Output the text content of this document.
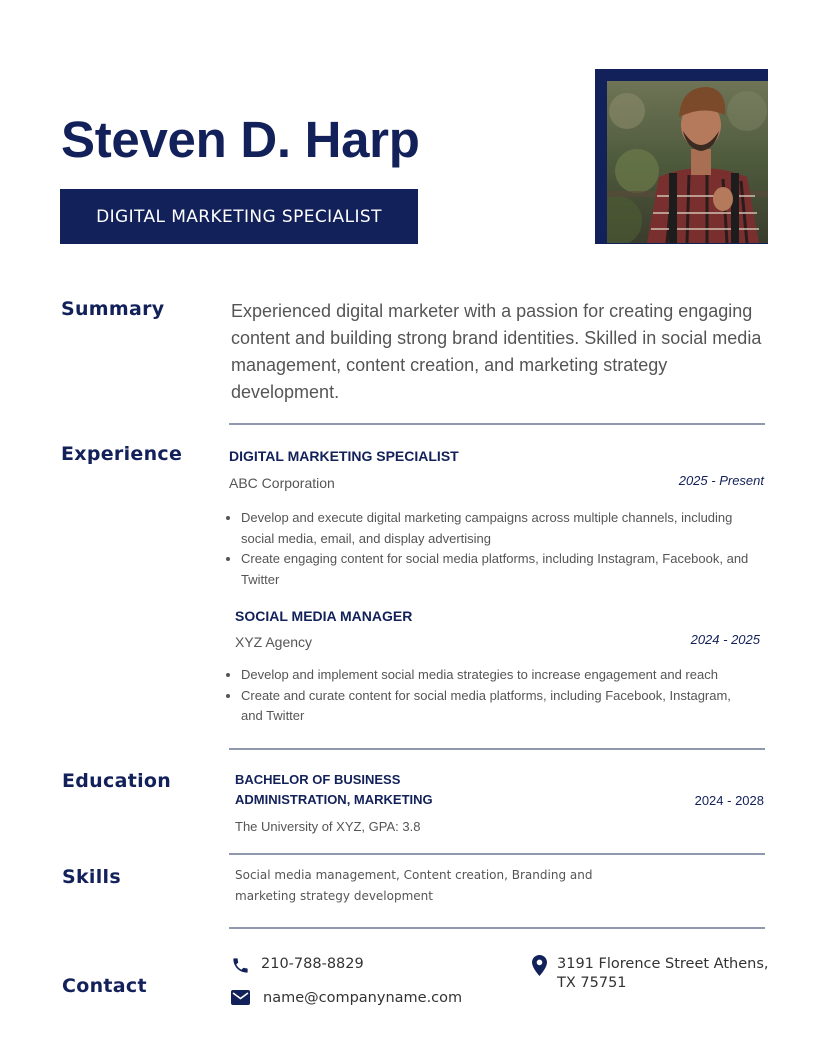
Steven D. Harp
DIGITAL MARKETING SPECIALIST
Summary	Experienced digital marketer with a passion for creating engaging content and building strong brand identities. Skilled in social media management, content creation, and marketing strategy development.

Experience	DIGITAL MARKETING SPECIALIST
ABC Corporation	2025 - Present
• Develop and execute digital marketing campaigns across multiple channels, including social media, email, and display advertising
• Create engaging content for social media platforms, including Instagram, Facebook, and Twitter
SOCIAL MEDIA MANAGER
XYZ Agency	2024 - 2025
• Develop and implement social media strategies to increase engagement and reach
• Create and curate content for social media platforms, including Facebook, Instagram, and Twitter
Education	BACHELOR OF BUSINESS
ADMINISTRATION, MARKETING	2024 - 2028
The University of XYZ, GPA: 3.8
Skills	Social media management, Content creation, Branding and
marketing strategy development
Contact
210-788-8829
name@companyname.com
3191 Florence Street Athens,
TX 75751
